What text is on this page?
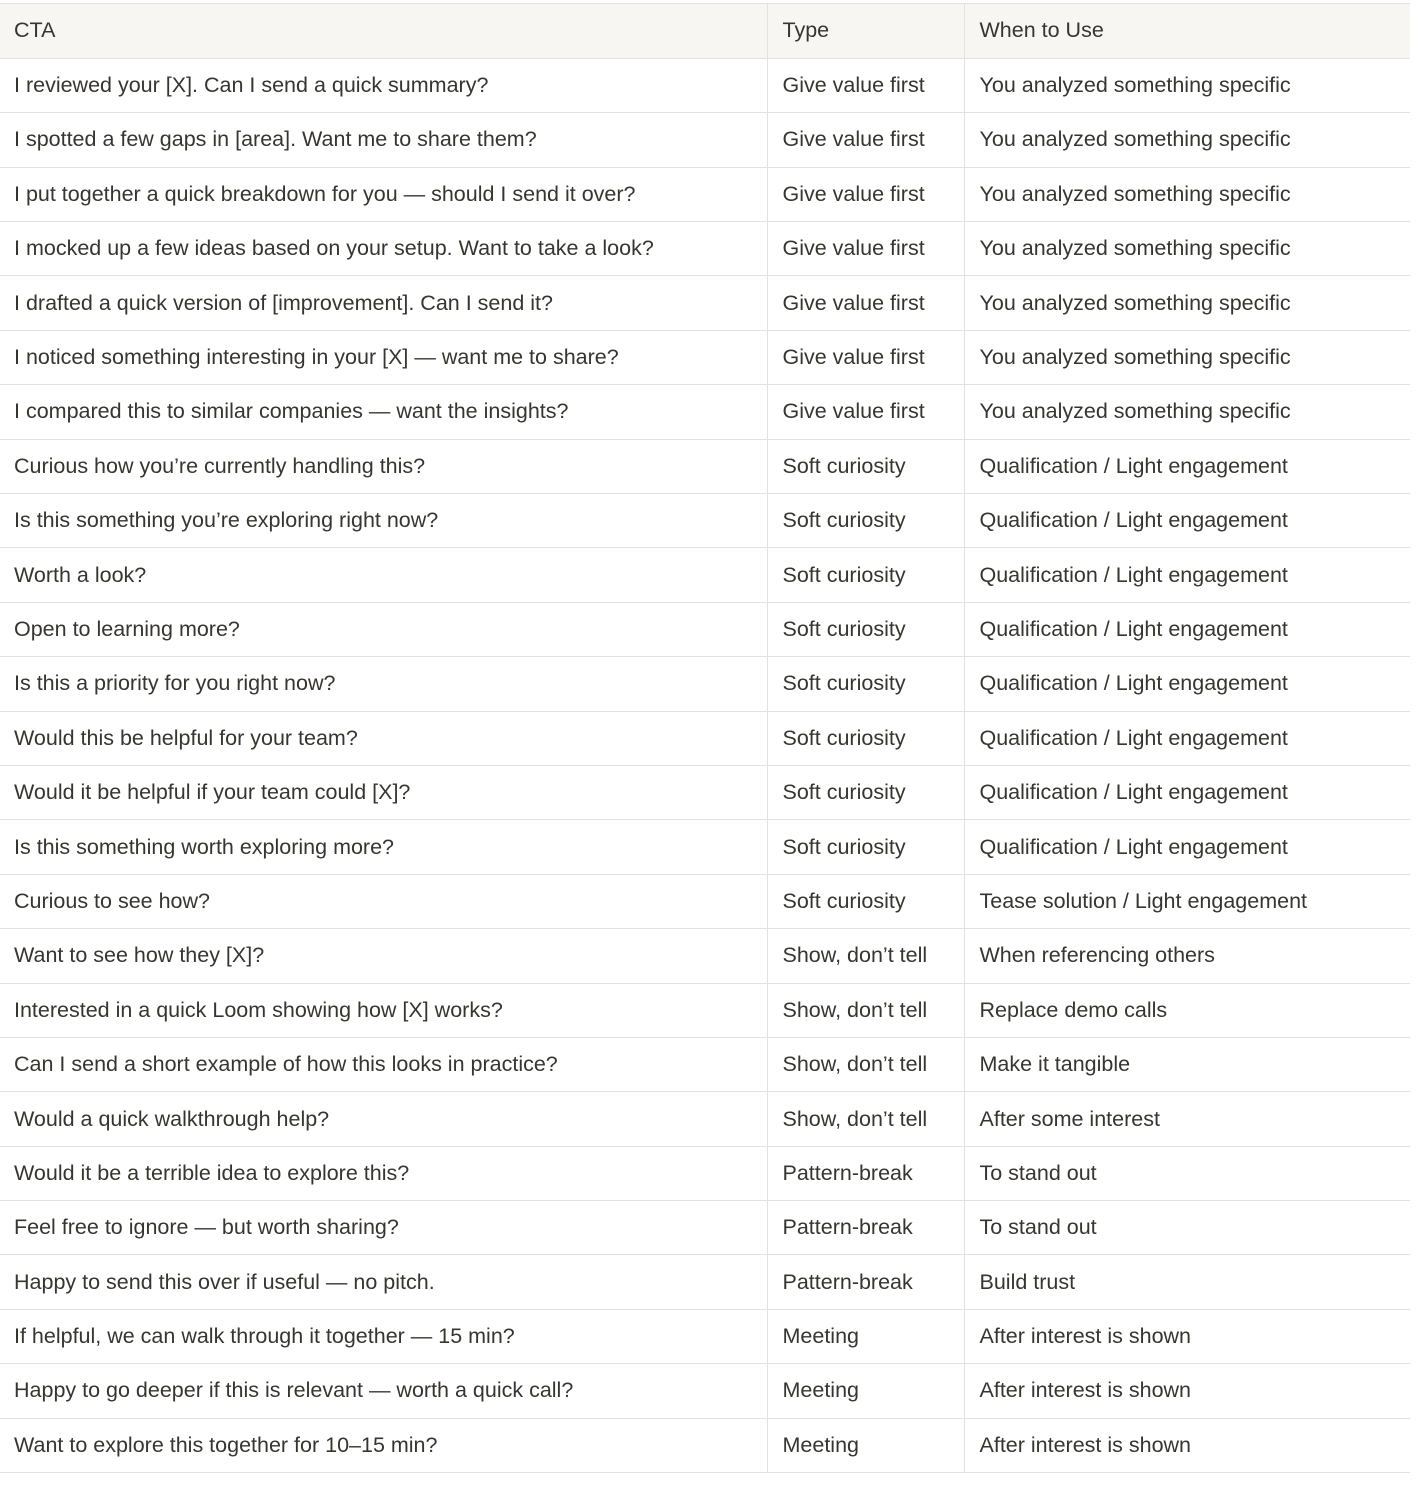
CTA	Type	When to Use
I reviewed your [X]. Can I send a quick summary?	Give value first	You analyzed something specific
I spotted a few gaps in [area]. Want me to share them?	Give value first	You analyzed something specific
I put together a quick breakdown for you — should I send it over?	Give value first	You analyzed something specific
I mocked up a few ideas based on your setup. Want to take a look?	Give value first	You analyzed something specific
I drafted a quick version of [improvement]. Can I send it?	Give value first	You analyzed something specific
I noticed something interesting in your [X] — want me to share?	Give value first	You analyzed something specific
I compared this to similar companies — want the insights?	Give value first	You analyzed something specific
Curious how you’re currently handling this?	Soft curiosity	Qualification / Light engagement
Is this something you’re exploring right now?	Soft curiosity	Qualification / Light engagement
Worth a look?	Soft curiosity	Qualification / Light engagement
Open to learning more?	Soft curiosity	Qualification / Light engagement
Is this a priority for you right now?	Soft curiosity	Qualification / Light engagement
Would this be helpful for your team?	Soft curiosity	Qualification / Light engagement
Would it be helpful if your team could [X]?	Soft curiosity	Qualification / Light engagement
Is this something worth exploring more?	Soft curiosity	Qualification / Light engagement
Curious to see how?	Soft curiosity	Tease solution / Light engagement
Want to see how they [X]?	Show, don’t tell	When referencing others
Interested in a quick Loom showing how [X] works?	Show, don’t tell	Replace demo calls
Can I send a short example of how this looks in practice?	Show, don’t tell	Make it tangible
Would a quick walkthrough help?	Show, don’t tell	After some interest
Would it be a terrible idea to explore this?	Pattern-break	To stand out
Feel free to ignore — but worth sharing?	Pattern-break	To stand out
Happy to send this over if useful — no pitch.	Pattern-break	Build trust
If helpful, we can walk through it together — 15 min?	Meeting	After interest is shown
Happy to go deeper if this is relevant — worth a quick call?	Meeting	After interest is shown
Want to explore this together for 10–15 min?	Meeting	After interest is shown
